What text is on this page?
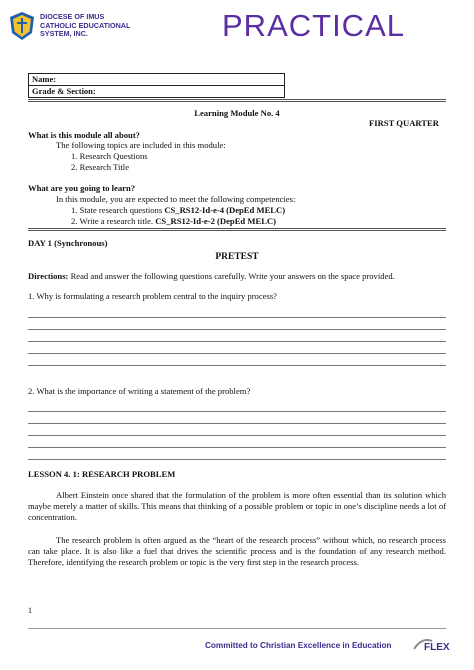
DIOCESE OF IMUS
CATHOLIC EDUCATIONAL
SYSTEM, INC.	PRACTICAL
Name:
Grade & Section:
Learning Module No. 4
FIRST QUARTER
What is this module all about?
The following topics are included in this module:
1. Research Questions
2. Research Title
What are you going to learn?
In this module, you are expected to meet the following competencies:
1. State research questions CS_RS12-Id-e-4 (DepEd MELC)
2. Write a research title. CS_RS12-Id-e-2 (DepEd MELC)
DAY 1 (Synchronous)
PRETEST
Directions: Read and answer the following questions carefully. Write your answers on the space provided.
1. Why is formulating a research problem central to the inquiry process?
2. What is the importance of writing a statement of the problem?
LESSON 4. 1: RESEARCH PROBLEM
Albert Einstein once shared that the formulation of the problem is more often essential than its solution which maybe merely a matter of skills. This means that thinking of a possible problem or topic in one’s discipline needs a lot of concentration.
The research problem is often argued as the “heart of the research process” without which, no research process can take place. It is also like a fuel that drives the scientific process and is the foundation of any research method. Therefore, identifying the research problem or topic is the very first step in the research process.
1
Committed to Christian Excellence in Education	FLEX
